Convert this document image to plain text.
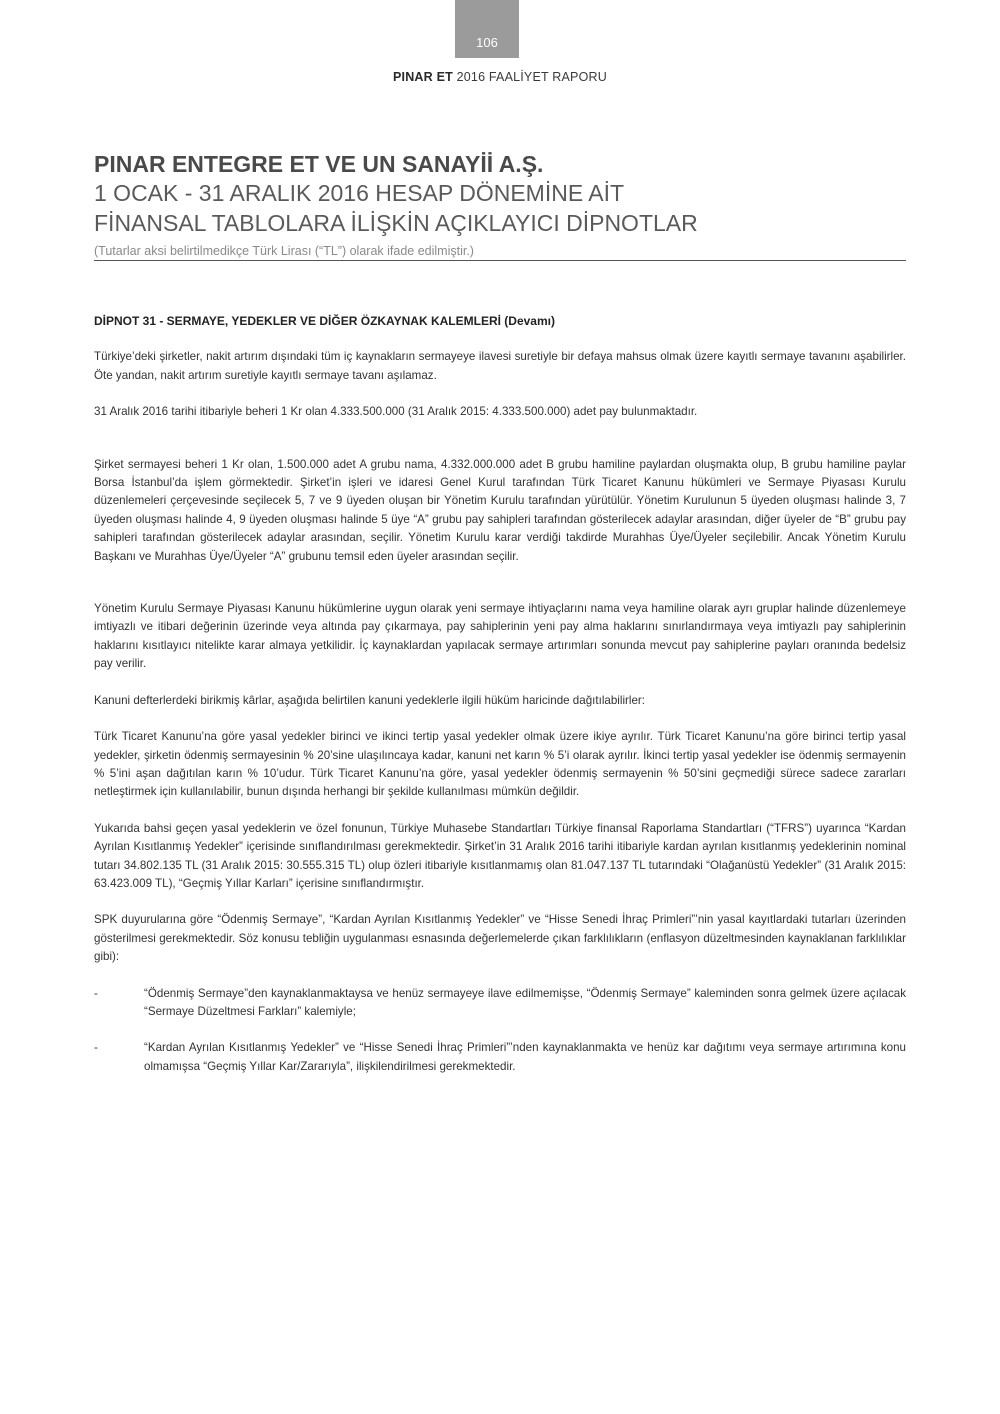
106
PINAR ET 2016 FAALİYET RAPORU
PINAR ENTEGRE ET VE UN SANAYİİ A.Ş.
1 OCAK - 31 ARALIK 2016 HESAP DÖNEMİNE AİT
FİNANSAL TABLOLARA İLİŞKİN AÇIKLAYICI DİPNOTLAR
(Tutarlar aksi belirtilmedikçe Türk Lirası (“TL”) olarak ifade edilmiştir.)
DİPNOT 31 - SERMAYE, YEDEKLER VE DİĞER ÖZKAYNAK KALEMLERİ (Devamı)

Türkiye’deki şirketler, nakit artırım dışındaki tüm iç kaynakların sermayeye ilavesi suretiyle bir defaya mahsus olmak üzere kayıtlı sermaye tavanını aşabilirler. Öte yandan, nakit artırım suretiyle kayıtlı sermaye tavanı aşılamaz.

31 Aralık 2016 tarihi itibariyle beheri 1 Kr olan 4.333.500.000 (31 Aralık 2015: 4.333.500.000) adet pay bulunmaktadır.

Şirket sermayesi beheri 1 Kr olan, 1.500.000 adet A grubu nama, 4.332.000.000 adet B grubu hamiline paylardan oluşmakta olup, B grubu hamiline paylar Borsa İstanbul’da işlem görmektedir. Şirket’in işleri ve idaresi Genel Kurul tarafından Türk Ticaret Kanunu hükümleri ve Sermaye Piyasası Kurulu düzenlemeleri çerçevesinde seçilecek 5, 7 ve 9 üyeden oluşan bir Yönetim Kurulu tarafından yürütülür. Yönetim Kurulunun 5 üyeden oluşması halinde 3, 7 üyeden oluşması halinde 4, 9 üyeden oluşması halinde 5 üye “A” grubu pay sahipleri tarafından gösterilecek adaylar arasından, diğer üyeler de “B” grubu pay sahipleri tarafından gösterilecek adaylar arasından, seçilir. Yönetim Kurulu karar verdiği takdirde Murahhas Üye/Üyeler seçilebilir. Ancak Yönetim Kurulu Başkanı ve Murahhas Üye/Üyeler “A” grubunu temsil eden üyeler arasından seçilir.

Yönetim Kurulu Sermaye Piyasası Kanunu hükümlerine uygun olarak yeni sermaye ihtiyaçlarını nama veya hamiline olarak ayrı gruplar halinde düzenlemeye imtiyazlı ve itibari değerinin üzerinde veya altında pay çıkarmaya, pay sahiplerinin yeni pay alma haklarını sınırlandırmaya veya imtiyazlı pay sahiplerinin haklarını kısıtlayıcı nitelikte karar almaya yetkilidir. İç kaynaklardan yapılacak sermaye artırımları sonunda mevcut pay sahiplerine payları oranında bedelsiz pay verilir.

Kanuni defterlerdeki birikmiş kârlar, aşağıda belirtilen kanuni yedeklerle ilgili hüküm haricinde dağıtılabilirler:

Türk Ticaret Kanunu’na göre yasal yedekler birinci ve ikinci tertip yasal yedekler olmak üzere ikiye ayrılır. Türk Ticaret Kanunu’na göre birinci tertip yasal yedekler, şirketin ödenmiş sermayesinin % 20’sine ulaşılıncaya kadar, kanuni net karın % 5’i olarak ayrılır. İkinci tertip yasal yedekler ise ödenmiş sermayenin % 5’ini aşan dağıtılan karın % 10’udur. Türk Ticaret Kanunu’na göre, yasal yedekler ödenmiş sermayenin % 50’sini geçmediği sürece sadece zararları netleştirmek için kullanılabilir, bunun dışında herhangi bir şekilde kullanılması mümkün değildir.

Yukarıda bahsi geçen yasal yedeklerin ve özel fonunun, Türkiye Muhasebe Standartları Türkiye finansal Raporlama Standartları (“TFRS”) uyarınca “Kardan Ayrılan Kısıtlanmış Yedekler” içerisinde sınıflandırılması gerekmektedir. Şirket’in 31 Aralık 2016 tarihi itibariyle kardan ayrılan kısıtlanmış yedeklerinin nominal tutarı 34.802.135 TL (31 Aralık 2015: 30.555.315 TL) olup özleri itibariyle kısıtlanmamış olan 81.047.137 TL tutarındaki “Olağanüstü Yedekler” (31 Aralık 2015: 63.423.009 TL), “Geçmiş Yıllar Karları” içerisine sınıflandırmıştır.

SPK duyurularına göre “Ödenmiş Sermaye”, “Kardan Ayrılan Kısıtlanmış Yedekler” ve “Hisse Senedi İhraç Primleri”’nin yasal kayıtlardaki tutarları üzerinden gösterilmesi gerekmektedir. Söz konusu tebliğin uygulanması esnasında değerlemelerde çıkan farklılıkların (enflasyon düzeltmesinden kaynaklanan farklılıklar gibi):

-	“Ödenmiş Sermaye”den kaynaklanmaktaysa ve henüz sermayeye ilave edilmemişse, “Ödenmiş Sermaye” kaleminden sonra gelmek üzere açılacak “Sermaye Düzeltmesi Farkları” kalemiyle;
-	“Kardan Ayrılan Kısıtlanmış Yedekler” ve “Hisse Senedi İhraç Primleri”’nden kaynaklanmakta ve henüz kar dağıtımı veya sermaye artırımına konu olmamışsa “Geçmiş Yıllar Kar/Zararıyla”, ilişkilendirilmesi gerekmektedir.
